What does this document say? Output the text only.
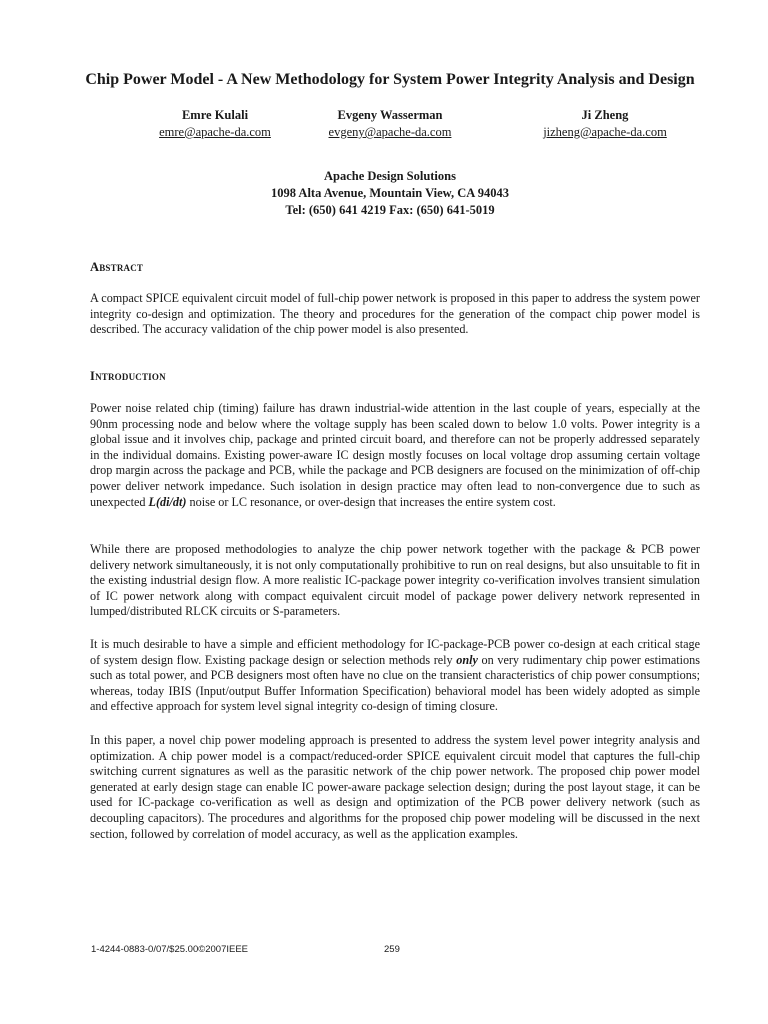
Chip Power Model - A New Methodology for System Power Integrity Analysis and Design
Emre Kulali
emre@apache-da.com
Evgeny Wasserman
evgeny@apache-da.com
Ji Zheng
jizheng@apache-da.com
Apache Design Solutions
1098 Alta Avenue, Mountain View, CA 94043
Tel: (650) 641 4219 Fax: (650) 641-5019
Abstract

A compact SPICE equivalent circuit model of full-chip power network is proposed in this paper to address the system power integrity co-design and optimization. The theory and procedures for the generation of the compact chip power model is described. The accuracy validation of the chip power model is also presented.

Introduction

Power noise related chip (timing) failure has drawn industrial-wide attention in the last couple of years, especially at the 90nm processing node and below where the voltage supply has been scaled down to below 1.0 volts. Power integrity is a global issue and it involves chip, package and printed circuit board, and therefore can not be properly addressed separately in the individual domains. Existing power-aware IC design mostly focuses on local voltage drop assuming certain voltage drop margin across the package and PCB, while the package and PCB designers are focused on the minimization of off-chip power deliver network impedance. Such isolation in design practice may often lead to non-convergence due to such as unexpected L(di/dt) noise or LC resonance, or over-design that increases the entire system cost.

While there are proposed methodologies to analyze the chip power network together with the package & PCB power delivery network simultaneously, it is not only computationally prohibitive to run on real designs, but also unsuitable to fit in the existing industrial design flow. A more realistic IC-package power integrity co-verification involves transient simulation of IC power network along with compact equivalent circuit model of package power delivery network represented in lumped/distributed RLCK circuits or S-parameters.

It is much desirable to have a simple and efficient methodology for IC-package-PCB power co-design at each critical stage of system design flow. Existing package design or selection methods rely only on very rudimentary chip power estimations such as total power, and PCB designers most often have no clue on the transient characteristics of chip power consumptions; whereas, today IBIS (Input/output Buffer Information Specification) behavioral model has been widely adopted as simple and effective approach for system level signal integrity co-design of timing closure.

In this paper, a novel chip power modeling approach is presented to address the system level power integrity analysis and optimization. A chip power model is a compact/reduced-order SPICE equivalent circuit model that captures the full-chip switching current signatures as well as the parasitic network of the chip power network. The proposed chip power model generated at early design stage can enable IC power-aware package selection design; during the post layout stage, it can be used for IC-package co-verification as well as design and optimization of the PCB power delivery network (such as decoupling capacitors). The procedures and algorithms for the proposed chip power modeling will be discussed in the next section, followed by correlation of model accuracy, as well as the application examples.

1-4244-0883-0/07/$25.00©2007IEEE	259
